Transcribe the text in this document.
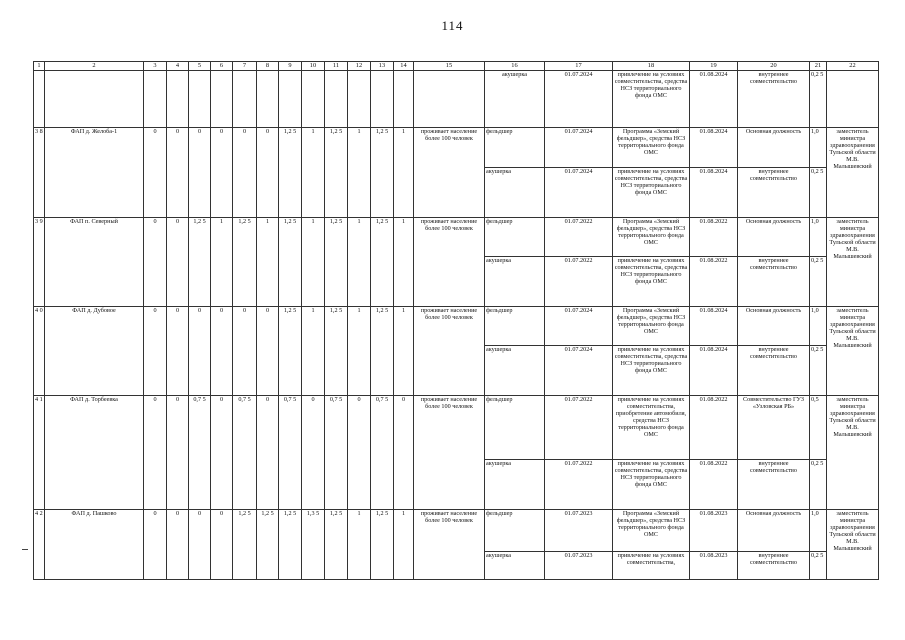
114
1	2	3	4	5	6	7	8	9	10	11	12	13	14	15	16	17	18	19	20	21	22
															акушерка	01.07.2024	привлечение на условиях совместительства, средства НСЗ территориального фонда ОМС	01.08.2024	внутреннее совместительство	0,2 5	
3 8	ФАП д. Желоба-1	0	0	0	0	0	0	1,2 5	1	1,2 5	1	1,2 5	1	проживает население более 100 человек	фельдшер	01.07.2024	Программа «Земский фельдшер», средства НСЗ территориального фонда ОМС	01.08.2024	Основная должность	1,0	заместитель министра здравоохранения Тульской области М.В. Малышевский
															акушерка	01.07.2024	привлечение на условиях совместительства, средства НСЗ территориального фонда ОМС	01.08.2024	внутреннее совместительство	0,2 5	
3 9	ФАП п. Северный	0	0	1,2 5	1	1,2 5	1	1,2 5	1	1,2 5	1	1,2 5	1	проживает население более 100 человек	фельдшер	01.07.2022	Программа «Земский фельдшер», средства НСЗ территориального фонда ОМС	01.08.2022	Основная должность	1,0	заместитель министра здравоохранения Тульской области М.В. Малышевский
															акушерка	01.07.2022	привлечение на условиях совместительства, средства НСЗ территориального фонда ОМС	01.08.2022	внутреннее совместительство	0,2 5	
4 0	ФАП д. Дубовое	0	0	0	0	0	0	1,2 5	1	1,2 5	1	1,2 5	1	проживает население более 100 человек	фельдшер	01.07.2024	Программа «Земский фельдшер», средства НСЗ территориального фонда ОМС	01.08.2024	Основная должность	1,0	заместитель министра здравоохранения Тульской области М.В. Малышевский
															акушерка	01.07.2024	привлечение на условиях совместительства, средства НСЗ территориального фонда ОМС	01.08.2024	внутреннее совместительство	0,2 5	
4 1	ФАП д. Торбеевка	0	0	0,7 5	0	0,7 5	0	0,7 5	0	0,7 5	0	0,7 5	0	проживает население более 100 человек	фельдшер	01.07.2022	привлечение на условиях совместительства, приобретение автомобиля, средства НСЗ территориального фонда ОМС	01.08.2022	Совместительство ГУЗ «Узловская РБ»	0,5	заместитель министра здравоохранения Тульской области М.В. Малышевский
															акушерка	01.07.2022	привлечение на условиях совместительства, средства НСЗ территориального фонда ОМС	01.08.2022	внутреннее совместительство	0,2 5	
4 2	ФАП д. Пашково	0	0	0	0	1,2 5	1,2 5	1,2 5	1,3 5	1,2 5	1	1,2 5	1	проживает население более 100 человек	фельдшер	01.07.2023	Программа «Земский фельдшер», средства НСЗ территориального фонда ОМС	01.08.2023	Основная должность	1,0	заместитель министра здравоохранения Тульской области М.В. Малышевский
															акушерка	01.07.2023	привлечение на условиях совместительства,	01.08.2023	внутреннее совместительство	0,2 5	
